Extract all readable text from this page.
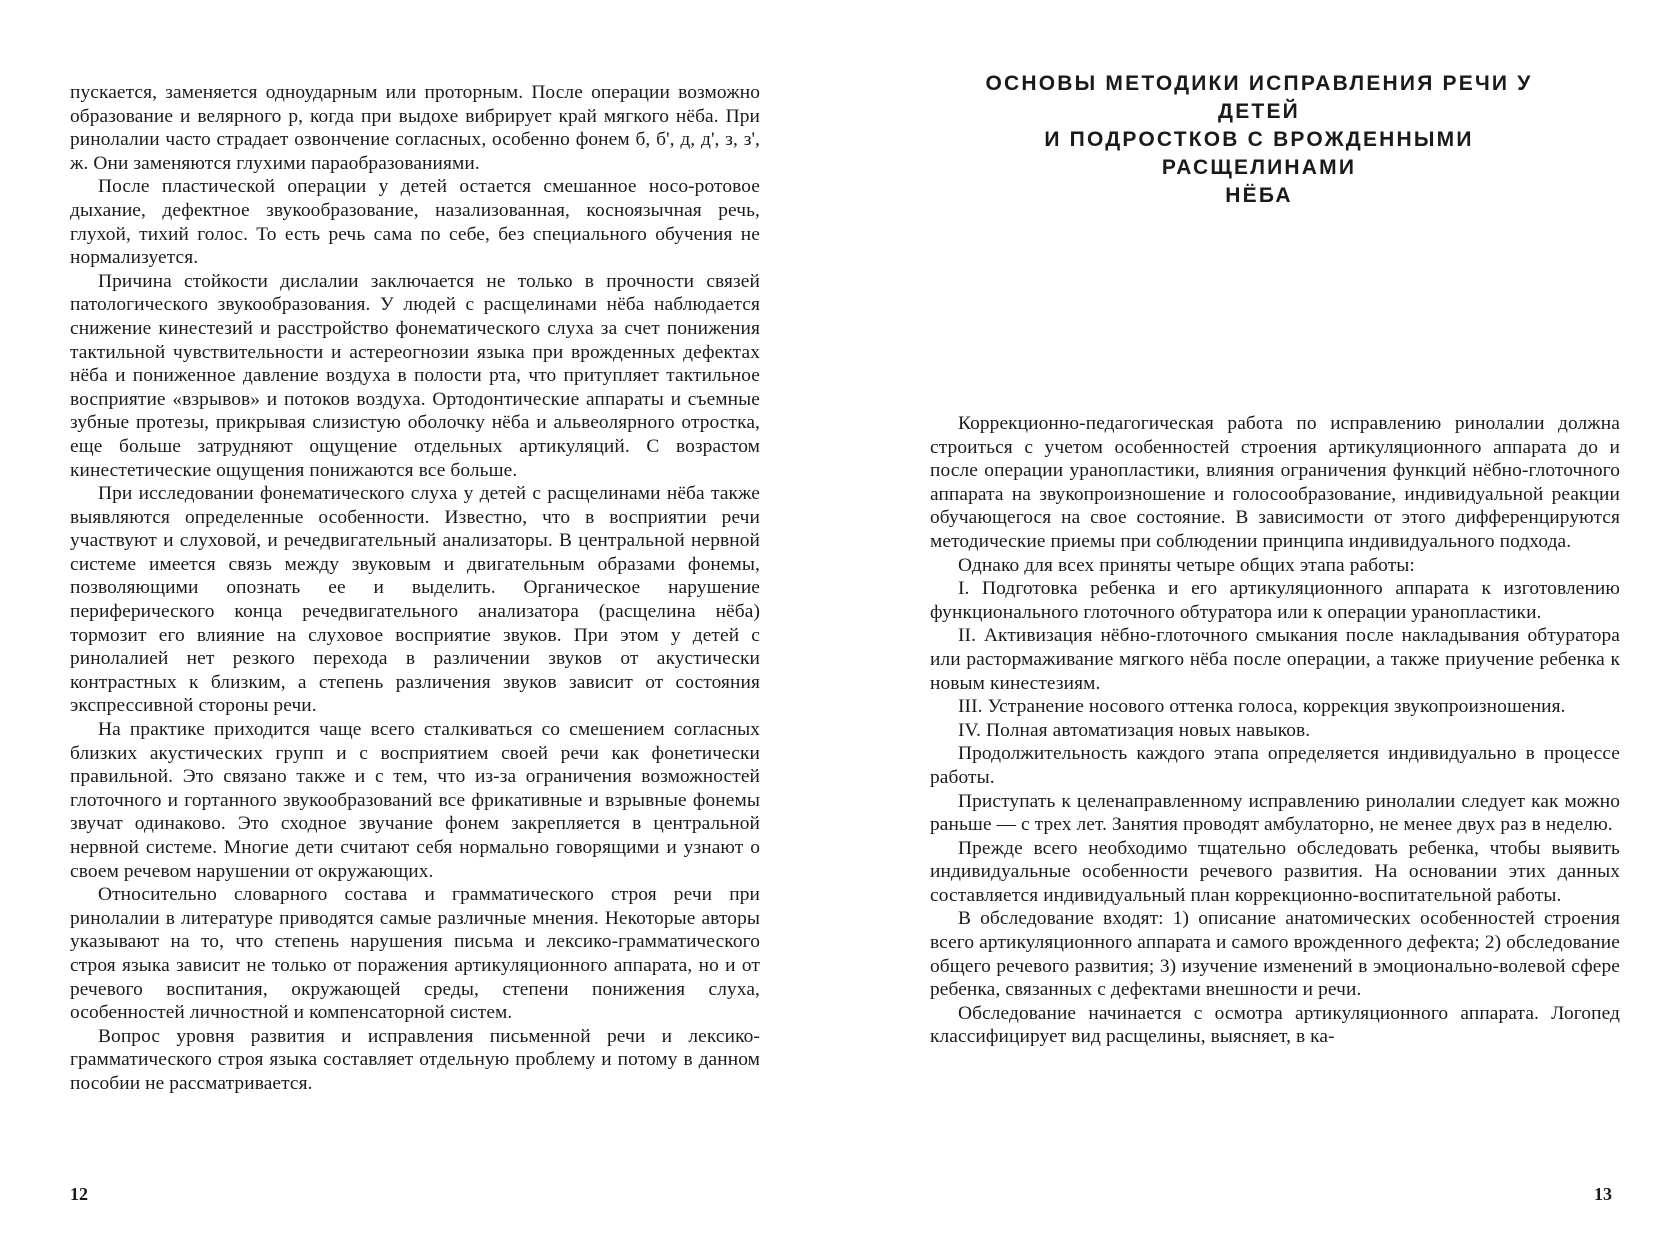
пускается, заменяется одноударным или проторным. После операции возможно образование и велярного р, когда при выдохе вибрирует край мягкого нёба. При ринолалии часто страдает озвончение согласных, особенно фонем б, б', д, д', з, з', ж. Они заменяются глухими параобразованиями.

После пластической операции у детей остается смешанное носо-ротовое дыхание, дефектное звукообразование, назализованная, косноязычная речь, глухой, тихий голос. То есть речь сама по себе, без специального обучения не нормализуется.

Причина стойкости дислалии заключается не только в прочности связей патологического звукообразования. У людей с расщелинами нёба наблюдается снижение кинестезий и расстройство фонематического слуха за счет понижения тактильной чувствительности и астереогнозии языка при врожденных дефектах нёба и пониженное давление воздуха в полости рта, что притупляет тактильное восприятие «взрывов» и потоков воздуха. Ортодонтические аппараты и съемные зубные протезы, прикрывая слизистую оболочку нёба и альвеолярного отростка, еще больше затрудняют ощущение отдельных артикуляций. С возрастом кинестетические ощущения понижаются все больше.

При исследовании фонематического слуха у детей с расщелинами нёба также выявляются определенные особенности. Известно, что в восприятии речи участвуют и слуховой, и речедвигательный анализаторы. В центральной нервной системе имеется связь между звуковым и двигательным образами фонемы, позволяющими опознать ее и выделить. Органическое нарушение периферического конца речедвигательного анализатора (расщелина нёба) тормозит его влияние на слуховое восприятие звуков. При этом у детей с ринолалией нет резкого перехода в различении звуков от акустически контрастных к близким, а степень различения звуков зависит от состояния экспрессивной стороны речи.

На практике приходится чаще всего сталкиваться со смешением согласных близких акустических групп и с восприятием своей речи как фонетически правильной. Это связано также и с тем, что из-за ограничения возможностей глоточного и гортанного звукообразований все фрикативные и взрывные фонемы звучат одинаково. Это сходное звучание фонем закрепляется в центральной нервной системе. Многие дети считают себя нормально говорящими и узнают о своем речевом нарушении от окружающих.

Относительно словарного состава и грамматического строя речи при ринолалии в литературе приводятся самые различные мнения. Некоторые авторы указывают на то, что степень нарушения письма и лексико-грамматического строя языка зависит не только от поражения артикуляционного аппарата, но и от речевого воспитания, окружающей среды, степени понижения слуха, особенностей личностной и компенсаторной систем.

Вопрос уровня развития и исправления письменной речи и лексико-грамматического строя языка составляет отдельную проблему и потому в данном пособии не рассматривается.

12
ОСНОВЫ МЕТОДИКИ ИСПРАВЛЕНИЯ РЕЧИ У ДЕТЕЙ
И ПОДРОСТКОВ С ВРОЖДЕННЫМИ РАСЩЕЛИНАМИ
НЁБА

Коррекционно-педагогическая работа по исправлению ринолалии должна строиться с учетом особенностей строения артикуляционного аппарата до и после операции уранопластики, влияния ограничения функций нёбно-глоточного аппарата на звукопроизношение и голосообразование, индивидуальной реакции обучающегося на свое состояние. В зависимости от этого дифференцируются методические приемы при соблюдении принципа индивидуального подхода.

Однако для всех приняты четыре общих этапа работы:

I. Подготовка ребенка и его артикуляционного аппарата к изготовлению функционального глоточного обтуратора или к операции уранопластики.

II. Активизация нёбно-глоточного смыкания после накладывания обтуратора или растормаживание мягкого нёба после операции, а также приучение ребенка к новым кинестезиям.

III. Устранение носового оттенка голоса, коррекция звукопроизношения.

IV. Полная автоматизация новых навыков.

Продолжительность каждого этапа определяется индивидуально в процессе работы.

Приступать к целенаправленному исправлению ринолалии следует как можно раньше — с трех лет. Занятия проводят амбулаторно, не менее двух раз в неделю.

Прежде всего необходимо тщательно обследовать ребенка, чтобы выявить индивидуальные особенности речевого развития. На основании этих данных составляется индивидуальный план коррекционно-воспитательной работы.

В обследование входят: 1) описание анатомических особенностей строения всего артикуляционного аппарата и самого врожденного дефекта; 2) обследование общего речевого развития; 3) изучение изменений в эмоционально-волевой сфере ребенка, связанных с дефектами внешности и речи.

Обследование начинается с осмотра артикуляционного аппарата. Логопед классифицирует вид расщелины, выясняет, в ка-

13
